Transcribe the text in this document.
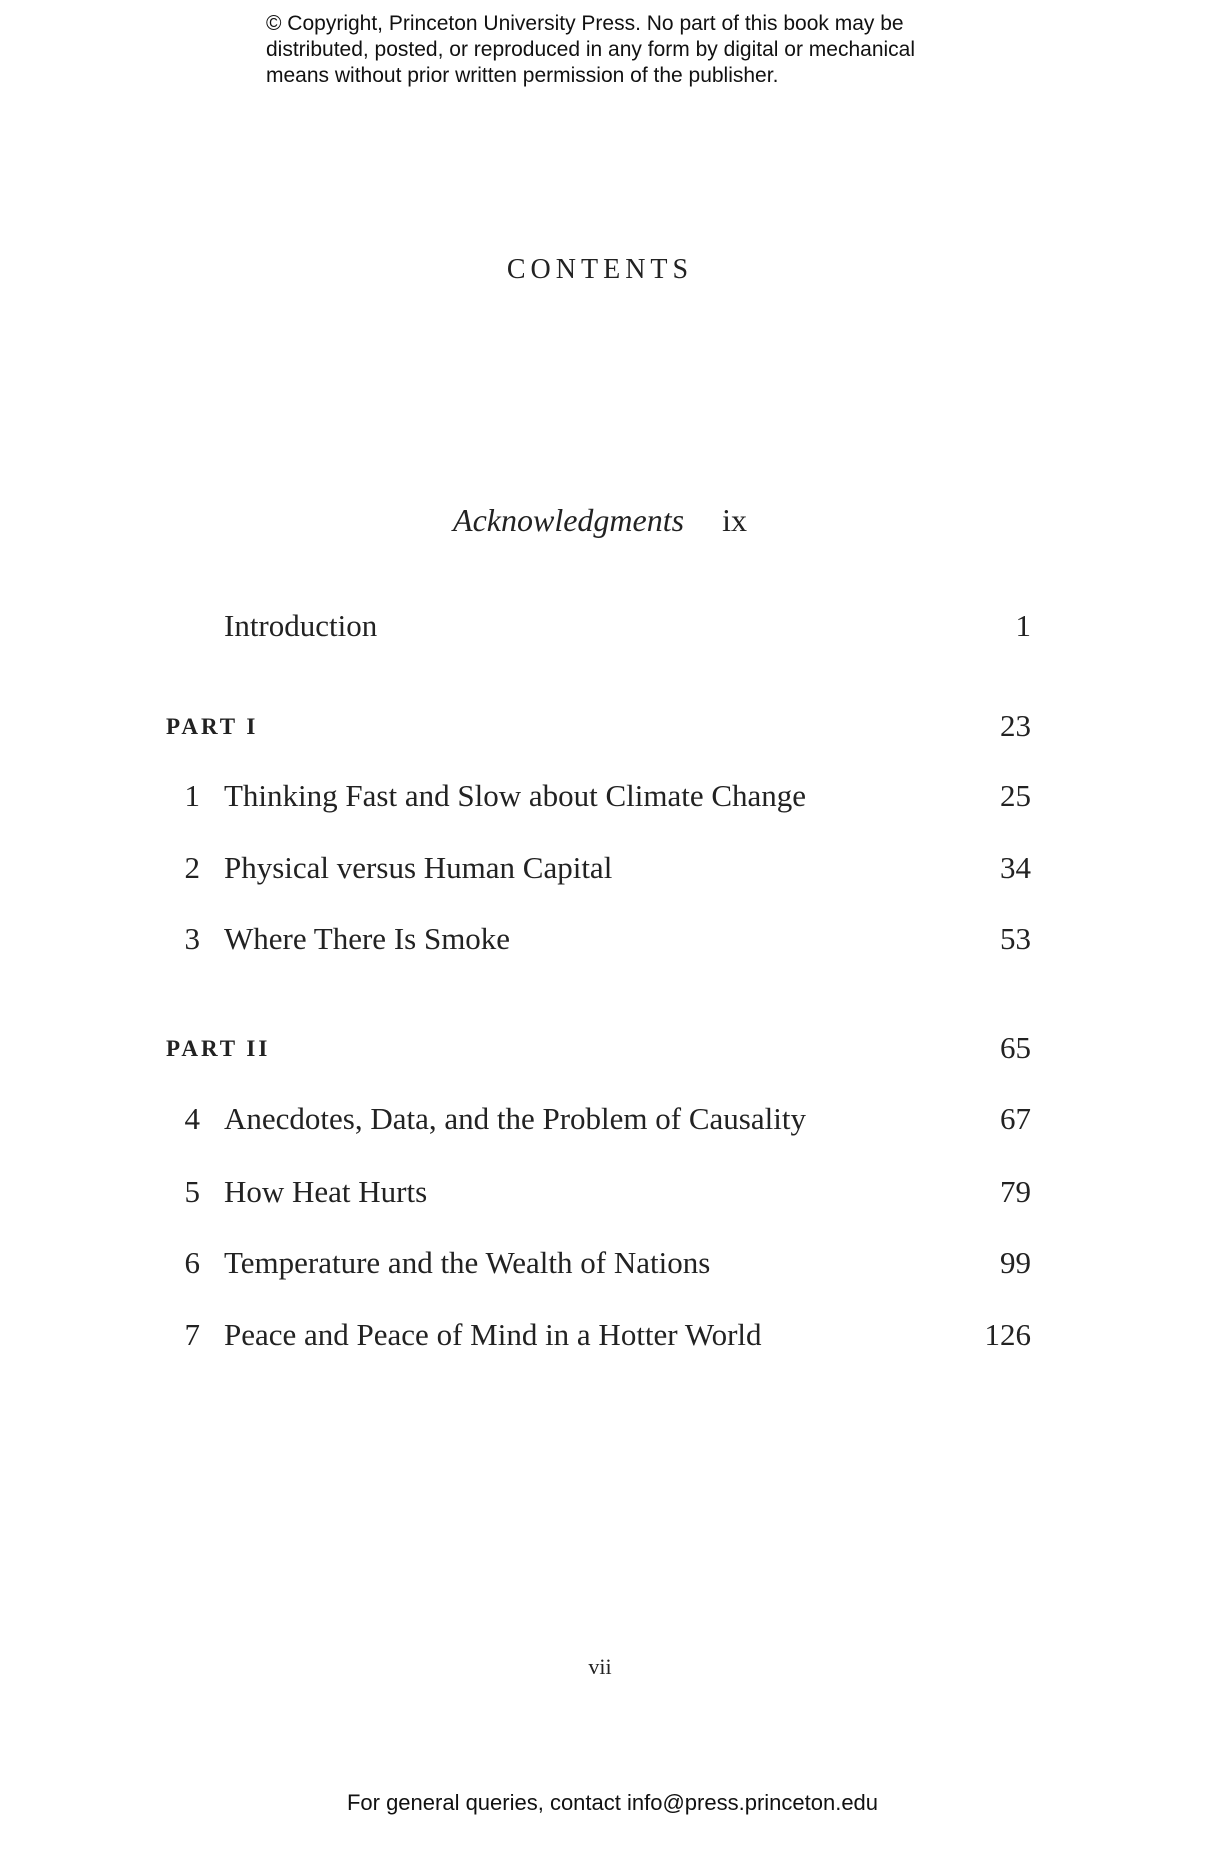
© Copyright, Princeton University Press. No part of this book may be
distributed, posted, or reproduced in any form by digital or mechanical
means without prior written permission of the publisher.
CONTENTS
Acknowledgments ix
Introduction	1
PART I	23
1 Thinking Fast and Slow about Climate Change	25
2 Physical versus Human Capital	34
3 Where There Is Smoke	53
PART II	65
4 Anecdotes, Data, and the Problem of Causality	67
5 How Heat Hurts	79
6 Temperature and the Wealth of Nations	99
7 Peace and Peace of Mind in a Hotter World	126
vii
For general queries, contact info@press.princeton.edu
